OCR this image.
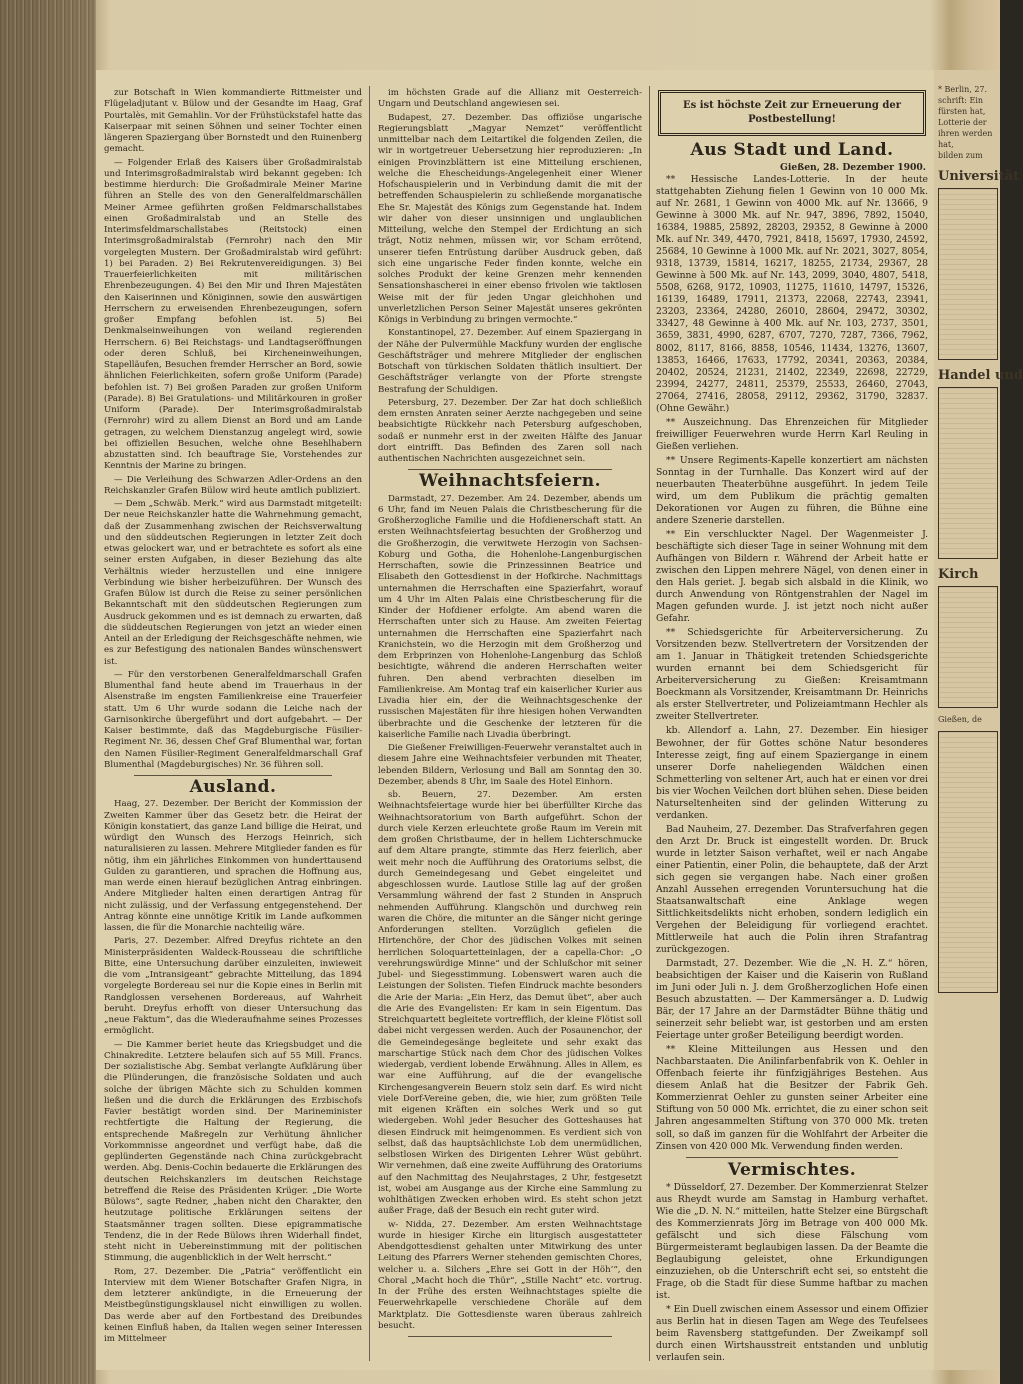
zur Botschaft in Wien kommandierte Rittmeister und Flügeladjutant v. Bülow und der Gesandte im Haag, Graf Pourtalès, mit Gemahlin. Vor der Frühstückstafel hatte das Kaiserpaar mit seinen Söhnen und seiner Tochter einen längeren Spaziergang über Bornstedt und den Ruinenberg gemacht.

— Folgender Erlaß des Kaisers über Großadmiralstab und Interimsgroßadmiralstab wird bekannt gegeben: Ich bestimme hierdurch: Die Großadmirale Meiner Marine führen an Stelle des von den Generalfeldmarschällen Meiner Armee geführten großen Feldmarschallstabes einen Großadmiralstab und an Stelle des Interimsfeldmarschallstabes (Reitstock) einen Interimsgroßadmiralstab (Fernrohr) nach den Mir vorgelegten Mustern. Der Großadmiralstab wird geführt: 1) bei Paraden. 2) Bei Rekrutenvereidigungen. 3) Bei Trauerfeierlichkeiten mit militärischen Ehrenbezeugungen. 4) Bei den Mir und Ihren Majestäten den Kaiserinnen und Königinnen, sowie den auswärtigen Herrschern zu erweisenden Ehrenbezeugungen, sofern großer Empfang befohlen ist. 5) Bei Denkmalseinweihungen von weiland regierenden Herrschern. 6) Bei Reichstags- und Landtagseröffnungen oder deren Schluß, bei Kircheneinweihungen, Stapelläufen, Besuchen fremder Herrscher an Bord, sowie ähnlichen Feierlichkeiten, sofern große Uniform (Parade) befohlen ist. 7) Bei großen Paraden zur großen Uniform (Parade). 8) Bei Gratulations- und Militärkouren in großer Uniform (Parade). Der Interimsgroßadmiralstab (Fernrohr) wird zu allem Dienst an Bord und am Lande getragen, zu welchem Dienstanzug angelegt wird, sowie bei offiziellen Besuchen, welche ohne Besehlhabern abzustatten sind. Ich beauftrage Sie, Vorstehendes zur Kenntnis der Marine zu bringen.

— Die Verleihung des Schwarzen Adler-Ordens an den Reichskanzler Grafen Bülow wird heute amtlich publiziert.

— Dem „Schwäb. Merk.“ wird aus Darmstadt mitgeteilt: Der neue Reichskanzler hatte die Wahrnehmung gemacht, daß der Zusammenhang zwischen der Reichsverwaltung und den süddeutschen Regierungen in letzter Zeit doch etwas gelockert war, und er betrachtete es sofort als eine seiner ersten Aufgaben, in dieser Beziehung das alte Verhältnis wieder herzustellen und eine innigere Verbindung wie bisher herbeizuführen. Der Wunsch des Grafen Bülow ist durch die Reise zu seiner persönlichen Bekanntschaft mit den süddeutschen Regierungen zum Ausdruck gekommen und es ist demnach zu erwarten, daß die süddeutschen Regierungen von jetzt an wieder einen Anteil an der Erledigung der Reichsgeschäfte nehmen, wie es zur Befestigung des nationalen Bandes wünschenswert ist.

— Für den verstorbenen Generalfeldmarschall Grafen Blumenthal fand heute abend im Trauerhaus in der Alsenstraße im engsten Familienkreise eine Trauerfeier statt. Um 6 Uhr wurde sodann die Leiche nach der Garnisonkirche übergeführt und dort aufgebahrt. — Der Kaiser bestimmte, daß das Magdeburgische Füsilier-Regiment Nr. 36, dessen Chef Graf Blumenthal war, fortan den Namen Füsilier-Regiment Generalfeldmarschall Graf Blumenthal (Magdeburgisches) Nr. 36 führen soll.

Ausland.

Haag, 27. Dezember. Der Bericht der Kommission der Zweiten Kammer über das Gesetz betr. die Heirat der Königin konstatiert, das ganze Land billige die Heirat, und würdigt den Wunsch des Herzogs Heinrich, sich naturalisieren zu lassen. Mehrere Mitglieder fanden es für nötig, ihm ein jährliches Einkommen von hunderttausend Gulden zu garantieren, und sprachen die Hoffnung aus, man werde einen hierauf bezüglichen Antrag einbringen. Andere Mitglieder halten einen derartigen Antrag für nicht zulässig, und der Verfassung entgegenstehend. Der Antrag könnte eine unnötige Kritik im Lande aufkommen lassen, die für die Monarchie nachteilig wäre.

Paris, 27. Dezember. Alfred Dreyfus richtete an den Ministerpräsidenten Waldeck-Rousseau die schriftliche Bitte, eine Untersuchung darüber einzuleiten, inwieweit die vom „Intransigeant“ gebrachte Mitteilung, das 1894 vorgelegte Bordereau sei nur die Kopie eines in Berlin mit Randglossen versehenen Bordereaus, auf Wahrheit beruht. Dreyfus erhofft von dieser Untersuchung das „neue Faktum“, das die Wiederaufnahme seines Prozesses ermöglicht.

— Die Kammer beriet heute das Kriegsbudget und die Chinakredite. Letztere belaufen sich auf 55 Mill. Francs. Der sozialistische Abg. Sembat verlangte Aufklärung über die Plünderungen, die französische Soldaten und auch solche der übrigen Mächte sich zu Schulden kommen ließen und die durch die Erklärungen des Erzbischofs Favier bestätigt worden sind. Der Marineminister rechtfertigte die Haltung der Regierung, die entsprechende Maßregeln zur Verhütung ähnlicher Vorkommnisse angeordnet und verfügt habe, daß die geplünderten Gegenstände nach China zurückgebracht werden. Abg. Denis-Cochin bedauerte die Erklärungen des deutschen Reichskanzlers im deutschen Reichstage betreffend die Reise des Präsidenten Krüger. „Die Worte Bülows“, sagte Redner, „haben nicht den Charakter, den heutzutage politische Erklärungen seitens der Staatsmänner tragen sollten. Diese epigrammatische Tendenz, die in der Rede Bülows ihren Widerhall findet, steht nicht in Uebereinstimmung mit der politischen Stimmung, die augenblicklich in der Welt herrscht.“

Rom, 27. Dezember. Die „Patria“ veröffentlicht ein Interview mit dem Wiener Botschafter Grafen Nigra, in dem letzterer ankündigte, in die Erneuerung der Meistbegünstigungsklausel nicht einwilligen zu wollen. Das werde aber auf den Fortbestand des Dreibundes keinen Einfluß haben, da Italien wegen seiner Interessen im Mittelmeer

im höchsten Grade auf die Allianz mit Oesterreich-Ungarn und Deutschland angewiesen sei.

Budapest, 27. Dezember. Das offiziöse ungarische Regierungsblatt „Magyar Nemzet“ veröffentlicht unmittelbar nach dem Leitartikel die folgenden Zeilen, die wir in wortgetreuer Uebersetzung hier reproduzieren: „In einigen Provinzblättern ist eine Mitteilung erschienen, welche die Ehescheidungs-Angelegenheit einer Wiener Hofschauspielerin und in Verbindung damit die mit der betreffenden Schauspielerin zu schließende morganatische Ehe Sr. Majestät des Königs zum Gegenstande hat. Indem wir daher von dieser unsinnigen und unglaublichen Mitteilung, welche den Stempel der Erdichtung an sich trägt, Notiz nehmen, müssen wir, vor Scham errötend, unserer tiefen Entrüstung darüber Ausdruck geben, daß sich eine ungarische Feder finden konnte, welche ein solches Produkt der keine Grenzen mehr kennenden Sensationshascherei in einer ebenso frivolen wie taktlosen Weise mit der für jeden Ungar gleichhohen und unverletzlichen Person Seiner Majestät unseres gekrönten Königs in Verbindung zu bringen vermochte.“

Konstantinopel, 27. Dezember. Auf einem Spaziergang in der Nähe der Pulvermühle Mackfuny wurden der englische Geschäftsträger und mehrere Mitglieder der englischen Botschaft von türkischen Soldaten thätlich insultiert. Der Geschäftsträger verlangte von der Pforte strengste Bestrafung der Schuldigen.

Petersburg, 27. Dezember. Der Zar hat doch schließlich dem ernsten Anraten seiner Aerzte nachgegeben und seine beabsichtigte Rückkehr nach Petersburg aufgeschoben, sodaß er nunmehr erst in der zweiten Hälfte des Januar dort eintrifft. Das Befinden des Zaren soll nach authentischen Nachrichten ausgezeichnet sein.

Weihnachtsfeiern.

Darmstadt, 27. Dezember. Am 24. Dezember, abends um 6 Uhr, fand im Neuen Palais die Christbescherung für die Großherzogliche Familie und die Hofdienerschaft statt. An ersten Weihnachtsfeiertag besuchten der Großherzog und die Großherzogin, die verwitwete Herzogin von Sachsen-Koburg und Gotha, die Hohenlohe-Langenburgischen Herrschaften, sowie die Prinzessinnen Beatrice und Elisabeth den Gottesdienst in der Hofkirche. Nachmittags unternahmen die Herrschaften eine Spazierfahrt, worauf um 4 Uhr im Alten Palais eine Christbescherung für die Kinder der Hofdiener erfolgte. Am abend waren die Herrschaften unter sich zu Hause. Am zweiten Feiertag unternahmen die Herrschaften eine Spazierfahrt nach Kranichstein, wo die Herzogin mit dem Großherzog und dem Erbprinzen von Hohenlohe-Langenburg das Schloß besichtigte, während die anderen Herrschaften weiter fuhren. Den abend verbrachten dieselben im Familienkreise. Am Montag traf ein kaiserlicher Kurier aus Livadia hier ein, der die Weihnachtsgeschenke der russischen Majestäten für ihre hiesigen hohen Verwandten überbrachte und die Geschenke der letzteren für die kaiserliche Familie nach Livadia überbringt.

Die Gießener Freiwilligen-Feuerwehr veranstaltet auch in diesem Jahre eine Weihnachtsfeier verbunden mit Theater, lebenden Bildern, Verlosung und Ball am Sonntag den 30. Dezember, abends 8 Uhr, im Saale des Hotel Einhorn.

sb. Beuern, 27. Dezember. Am ersten Weihnachtsfeiertage wurde hier bei überfüllter Kirche das Weihnachtsoratorium von Barth aufgeführt. Schon der durch viele Kerzen erleuchtete große Raum im Verein mit dem großen Christbaume, der in hellem Lichterschmucke auf dem Altare prangte, stimmte das Herz feierlich, aber weit mehr noch die Aufführung des Oratoriums selbst, die durch Gemeindegesang und Gebet eingeleitet und abgeschlossen wurde. Lautlose Stille lag auf der großen Versammlung während der fast 2 Stunden in Anspruch nehmenden Aufführung. Klangschön und durchweg rein waren die Chöre, die mitunter an die Sänger nicht geringe Anforderungen stellten. Vorzüglich gefielen die Hirtenchöre, der Chor des jüdischen Volkes mit seinen herrlichen Soloquartetteinlagen, der a capella-Chor: „O verehrungswürdige Minne“ und der Schlußchor mit seiner Jubel- und Siegesstimmung. Lobenswert waren auch die Leistungen der Solisten. Tiefen Eindruck machte besonders die Arie der Maria: „Ein Herz, das Demut übet“, aber auch die Arie des Evangelisten: Er kam in sein Eigentum. Das Streichquartett begleitete vortrefflich, der kleine Flötist soll dabei nicht vergessen werden. Auch der Posaunenchor, der die Gemeindegesänge begleitete und sehr exakt das marschartige Stück nach dem Chor des jüdischen Volkes wiedergab, verdient lobende Erwähnung. Alles in Allem, es war eine Aufführung, auf die der evangelische Kirchengesangverein Beuern stolz sein darf. Es wird nicht viele Dorf-Vereine geben, die, wie hier, zum größten Teile mit eigenen Kräften ein solches Werk und so gut wiedergeben. Wohl jeder Besucher des Gotteshauses hat diesen Eindruck mit heimgenommen. Es verdient sich von selbst, daß das hauptsächlichste Lob dem unermüdlichen, selbstlosen Wirken des Dirigenten Lehrer Wüst gebührt. Wir vernehmen, daß eine zweite Aufführung des Oratoriums auf den Nachmittag des Neujahrstages, 2 Uhr, festgesetzt ist, wobei am Ausgange aus der Kirche eine Sammlung zu wohlthätigen Zwecken erhoben wird. Es steht schon jetzt außer Frage, daß der Besuch ein recht guter wird.

w- Nidda, 27. Dezember. Am ersten Weihnachtstage wurde in hiesiger Kirche ein liturgisch ausgestatteter Abendgottesdienst gehalten unter Mitwirkung des unter Leitung des Pfarrers Werner stehenden gemischten Chores, welcher u. a. Silchers „Ehre sei Gott in der Höh’“, den Choral „Macht hoch die Thür“, „Stille Nacht“ etc. vortrug. In der Frühe des ersten Weihnachtstages spielte die Feuerwehrkapelle verschiedene Choräle auf dem Marktplatz. Die Gottesdienste waren überaus zahlreich besucht.

Es ist höchste Zeit zur Erneuerung der Postbestellung!
Aus Stadt und Land.
Gießen, 28. Dezember 1900.

** Hessische Landes-Lotterie. In der heute stattgehabten Ziehung fielen 1 Gewinn von 10 000 Mk. auf Nr. 2681, 1 Gewinn von 4000 Mk. auf Nr. 13666, 9 Gewinne à 3000 Mk. auf Nr. 947, 3896, 7892, 15040, 16384, 19885, 25892, 28203, 29352, 8 Gewinne à 2000 Mk. auf Nr. 349, 4470, 7921, 8418, 15697, 17930, 24592, 25684, 10 Gewinne à 1000 Mk. auf Nr. 2021, 3027, 8054, 9318, 13739, 15814, 16217, 18255, 21734, 29367, 28 Gewinne à 500 Mk. auf Nr. 143, 2099, 3040, 4807, 5418, 5508, 6268, 9172, 10903, 11275, 11610, 14797, 15326, 16139, 16489, 17911, 21373, 22068, 22743, 23941, 23203, 23364, 24280, 26010, 28604, 29472, 30302, 33427, 48 Gewinne à 400 Mk. auf Nr. 103, 2737, 3501, 3659, 3831, 4990, 6287, 6707, 7270, 7287, 7366, 7962, 8002, 8117, 8166, 8858, 10546, 11434, 13276, 13607, 13853, 16466, 17633, 17792, 20341, 20363, 20384, 20402, 20524, 21231, 21402, 22349, 22698, 22729, 23994, 24277, 24811, 25379, 25533, 26460, 27043, 27064, 27416, 28058, 29112, 29362, 31790, 32837. (Ohne Gewähr.)

** Auszeichnung. Das Ehrenzeichen für Mitglieder freiwilliger Feuerwehren wurde Herrn Karl Reuling in Gießen verliehen.

** Unsere Regiments-Kapelle konzertiert am nächsten Sonntag in der Turnhalle. Das Konzert wird auf der neuerbauten Theaterbühne ausgeführt. In jedem Teile wird, um dem Publikum die prächtig gemalten Dekorationen vor Augen zu führen, die Bühne eine andere Szenerie darstellen.

** Ein verschluckter Nagel. Der Wagenmeister J. beschäftigte sich dieser Tage in seiner Wohnung mit dem Aufhängen von Bildern r. Während der Arbeit hatte er zwischen den Lippen mehrere Nägel, von denen einer in den Hals geriet. J. begab sich alsbald in die Klinik, wo durch Anwendung von Röntgenstrahlen der Nagel im Magen gefunden wurde. J. ist jetzt noch nicht außer Gefahr.

** Schiedsgerichte für Arbeiterversicherung. Zu Vorsitzenden bezw. Stellvertretern der Vorsitzenden der am 1. Januar in Thätigkeit tretenden Schiedsgerichte wurden ernannt bei dem Schiedsgericht für Arbeiterversicherung zu Gießen: Kreisamtmann Boeckmann als Vorsitzender, Kreisamtmann Dr. Heinrichs als erster Stellvertreter, und Polizeiamtmann Hechler als zweiter Stellvertreter.

kb. Allendorf a. Lahn, 27. Dezember. Ein hiesiger Bewohner, der für Gottes schöne Natur besonderes Interesse zeigt, fing auf einem Spaziergange in einem unserer Dorfe naheliegenden Wäldchen einen Schmetterling von seltener Art, auch hat er einen vor drei bis vier Wochen Veilchen dort blühen sehen. Diese beiden Naturseltenheiten sind der gelinden Witterung zu verdanken.

Bad Nauheim, 27. Dezember. Das Strafverfahren gegen den Arzt Dr. Bruck ist eingestellt worden. Dr. Bruck wurde in letzter Saison verhaftet, weil er nach Angabe einer Patientin, einer Polin, die behauptete, daß der Arzt sich gegen sie vergangen habe. Nach einer großen Anzahl Aussehen erregenden Voruntersuchung hat die Staatsanwaltschaft eine Anklage wegen Sittlichkeitsdelikts nicht erhoben, sondern lediglich ein Vergehen der Beleidigung für vorliegend erachtet. Mittlerweile hat auch die Polin ihren Strafantrag zurückgezogen.

Darmstadt, 27. Dezember. Wie die „N. H. Z.“ hören, beabsichtigen der Kaiser und die Kaiserin von Rußland im Juni oder Juli n. J. dem Großherzoglichen Hofe einen Besuch abzustatten. — Der Kammersänger a. D. Ludwig Bär, der 17 Jahre an der Darmstädter Bühne thätig und seinerzeit sehr beliebt war, ist gestorben und am ersten Feiertage unter großer Beteiligung beerdigt worden.

** Kleine Mitteilungen aus Hessen und den Nachbarstaaten. Die Anilinfarbenfabrik von K. Oehler in Offenbach feierte ihr fünfzigjähriges Bestehen. Aus diesem Anlaß hat die Besitzer der Fabrik Geh. Kommerzienrat Oehler zu gunsten seiner Arbeiter eine Stiftung von 50 000 Mk. errichtet, die zu einer schon seit Jahren angesammelten Stiftung von 370 000 Mk. treten soll, so daß im ganzen für die Wohlfahrt der Arbeiter die Zinsen von 420 000 Mk. Verwendung finden werden.

Vermischtes.

* Düsseldorf, 27. Dezember. Der Kommerzienrat Stelzer aus Rheydt wurde am Samstag in Hamburg verhaftet. Wie die „D. N. N.“ mitteilen, hatte Stelzer eine Bürgschaft des Kommerzienrats Jörg im Betrage von 400 000 Mk. gefälscht und sich diese Fälschung vom Bürgermeisteramt beglaubigen lassen. Da der Beamte die Beglaubigung geleistet, ohne Erkundigungen einzuziehen, ob die Unterschrift echt sei, so entsteht die Frage, ob die Stadt für diese Summe haftbar zu machen ist.

* Ein Duell zwischen einem Assessor und einem Offizier aus Berlin hat in diesen Tagen am Wege des Teufelsees beim Ravensberg stattgefunden. Der Zweikampf soll durch einen Wirtshausstreit entstanden und unblutig verlaufen sein.

* Berlin, 27.
schrift: Ein
fürsten hat,
Lotterie der
ihren werden
hat,
bilden zum
Universität
Handel und
Kirch
Gießen, de
